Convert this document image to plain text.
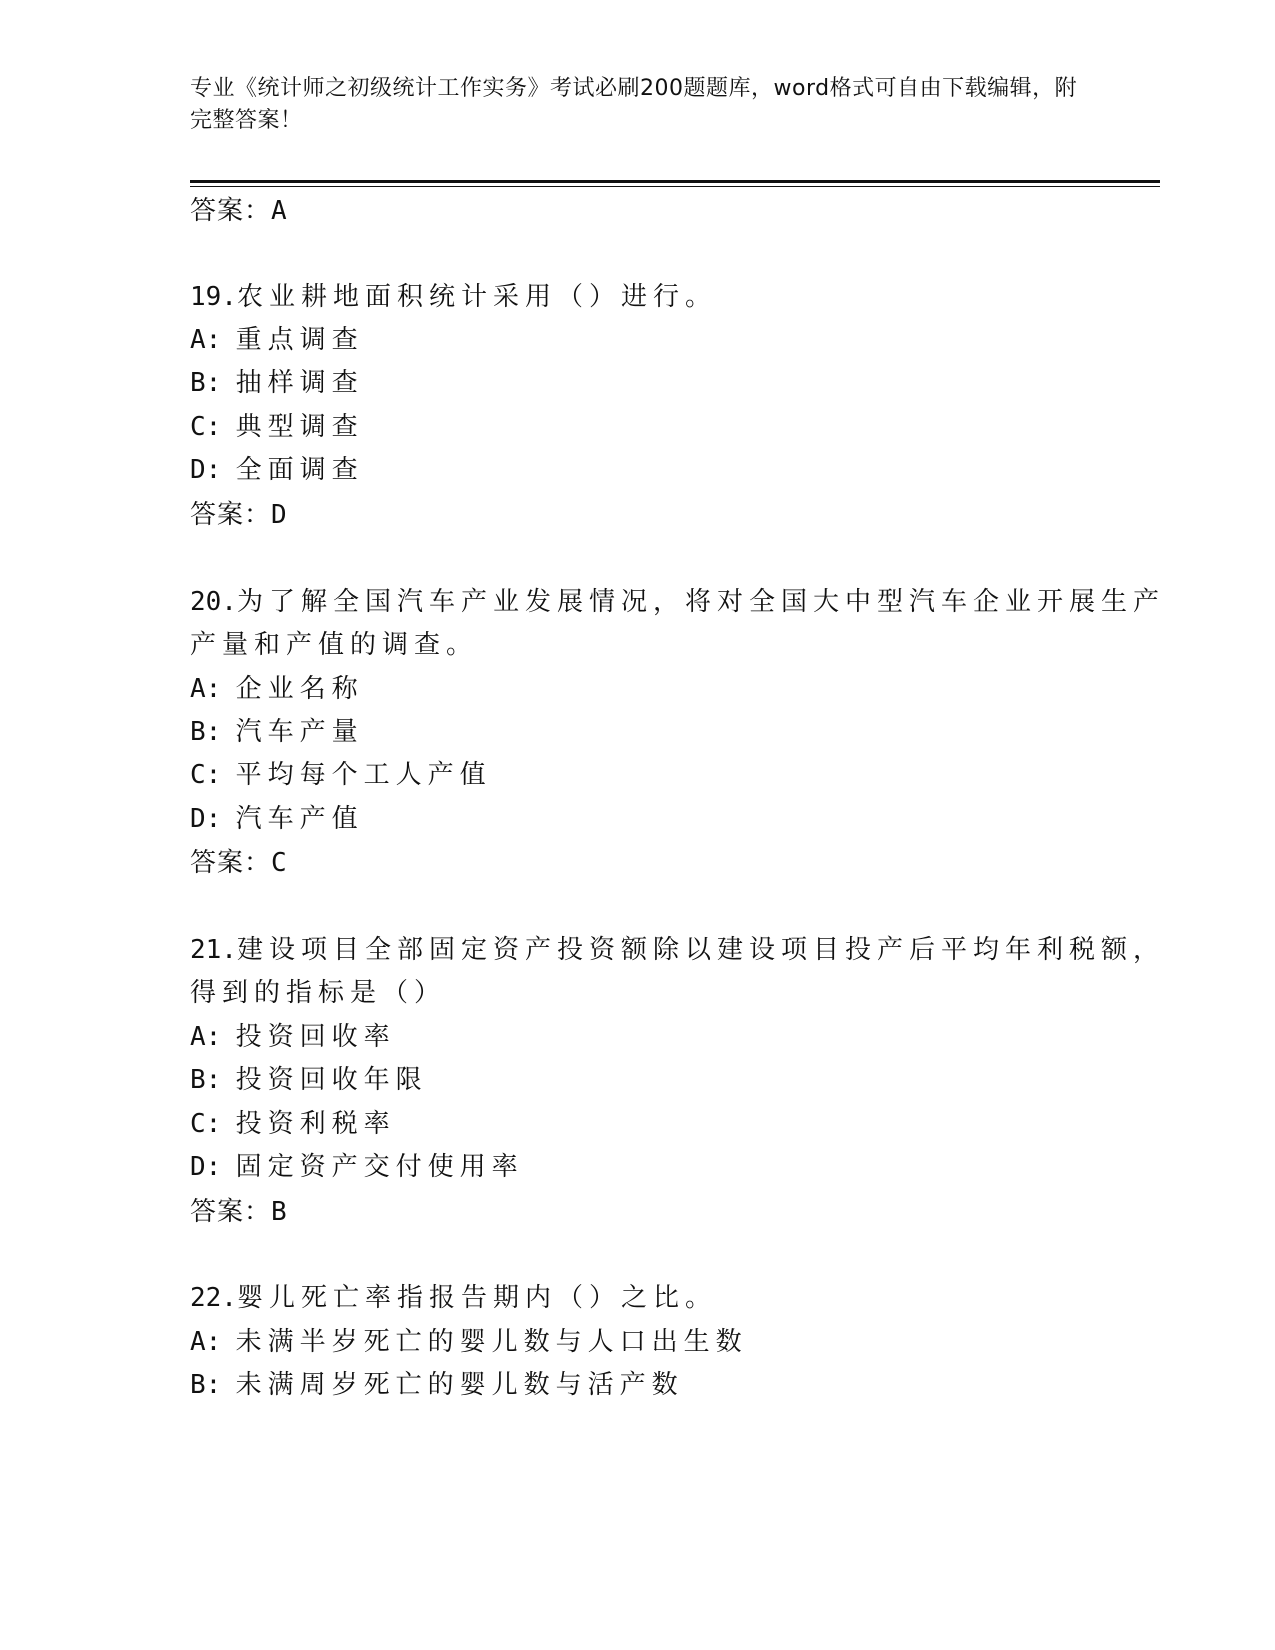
专业《统计师之初级统计工作实务》考试必刷200题题库，word格式可自由下载编辑，附完整答案！

答案：A
19.农业耕地面积统计采用（）进行。
A: 重点调查
B: 抽样调查
C: 典型调查
D: 全面调查
答案：D
20.为了解全国汽车产业发展情况，将对全国大中型汽车企业开展生产
产量和产值的调查。
A: 企业名称
B: 汽车产量
C: 平均每个工人产值
D: 汽车产值
答案：C
21.建设项目全部固定资产投资额除以建设项目投产后平均年利税额，
得到的指标是（）
A: 投资回收率
B: 投资回收年限
C: 投资利税率
D: 固定资产交付使用率
答案：B
22.婴儿死亡率指报告期内（）之比。
A: 未满半岁死亡的婴儿数与人口出生数
B: 未满周岁死亡的婴儿数与活产数
